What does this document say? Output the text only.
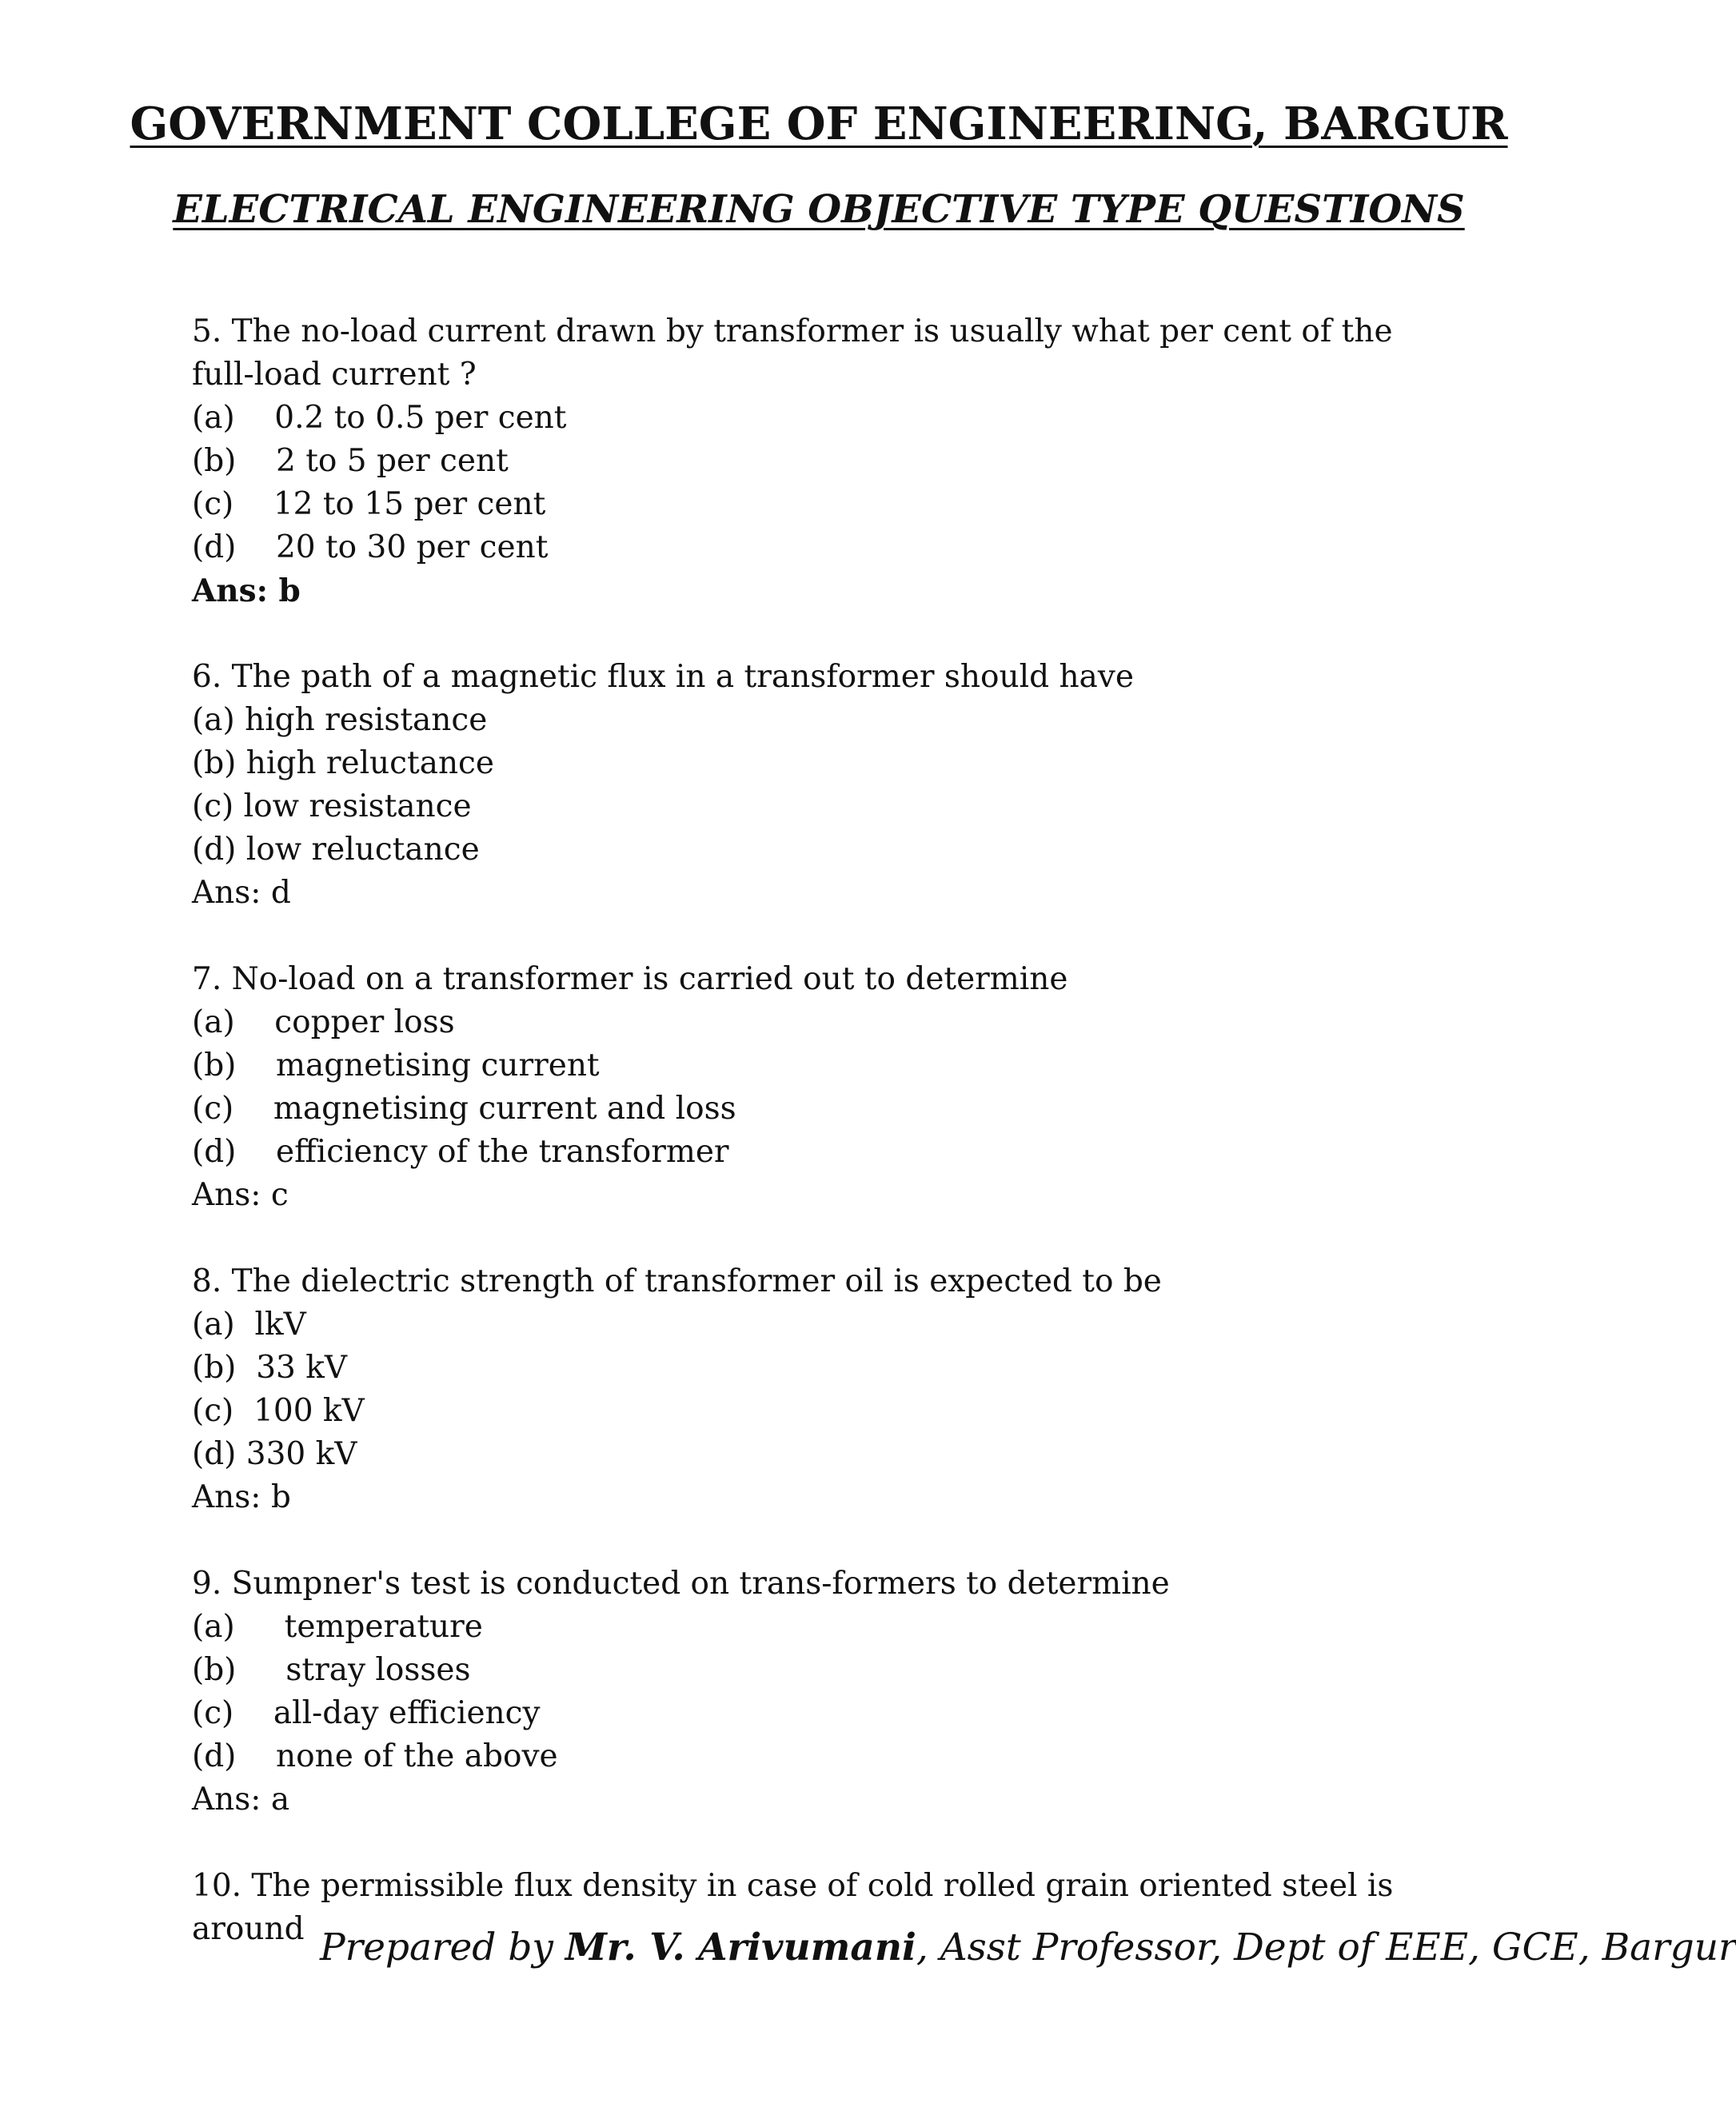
GOVERNMENT COLLEGE OF ENGINEERING, BARGUR
ELECTRICAL ENGINEERING OBJECTIVE TYPE QUESTIONS
5. The no-load current drawn by transformer is usually what per cent of the full-load current ?
(a)    0.2 to 0.5 per cent
(b)    2 to 5 per cent
(c)    12 to 15 per cent
(d)    20 to 30 per cent
Ans: b
6. The path of a magnetic flux in a transformer should have
(a) high resistance
(b) high reluctance
(c) low resistance
(d) low reluctance
Ans: d
7. No-load on a transformer is carried out to determine
(a)    copper loss
(b)    magnetising current
(c)    magnetising current and loss
(d)    efficiency of the transformer
Ans: c
8. The dielectric strength of transformer oil is expected to be
(a)  lkV
(b)  33 kV
(c)  100 kV
(d) 330 kV
Ans: b
9. Sumpner's test is conducted on trans-formers to determine
(a)     temperature
(b)     stray losses
(c)    all-day efficiency
(d)    none of the above
Ans: a
10. The permissible flux density in case of cold rolled grain oriented steel is around Prepared by Mr. V. Arivumani, Asst Professor, Dept of EEE, GCE, Bargur
